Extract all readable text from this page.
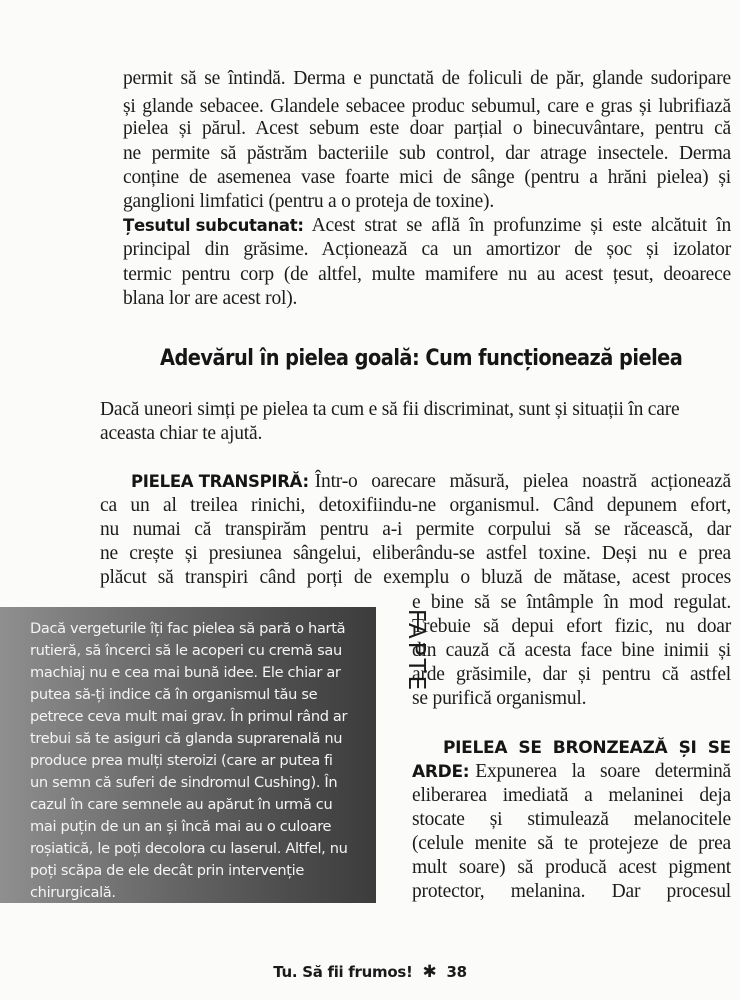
permit să se întindă. Derma e punctată de foliculi de păr, glande sudoripare
și glande sebacee. Glandele sebacee produc sebumul, care e gras și lubrifiază
pielea și părul. Acest sebum este doar parțial o binecuvântare, pentru că
ne permite să păstrăm bacteriile sub control, dar atrage insectele. Derma
conține de asemenea vase foarte mici de sânge (pentru a hrăni pielea) și
ganglioni limfatici (pentru a o proteja de toxine).
Țesutul subcutanat: Acest strat se află în profunzime și este alcătuit în
principal din grăsime. Acționează ca un amortizor de șoc și izolator
termic pentru corp (de altfel, multe mamifere nu au acest țesut, deoarece
blana lor are acest rol).
Adevărul în pielea goală: Cum funcționează pielea
Dacă uneori simți pe pielea ta cum e să fii discriminat, sunt și situații în care
aceasta chiar te ajută.
PIELEA TRANSPIRĂ: Într-o oarecare măsură, pielea noastră acționează
ca un al treilea rinichi, detoxifiindu-ne organismul. Când depunem efort,
nu numai că transpirăm pentru a-i permite corpului să se răcească, dar
ne crește și presiunea sângelui, eliberându-se astfel toxine. Deși nu e prea
plăcut să transpiri când porți de exemplu o bluză de mătase, acest proces
e bine să se întâmple în mod regulat.
Trebuie să depui efort fizic, nu doar
din cauză că acesta face bine inimii și
arde grăsimile, dar și pentru că astfel
se purifică organismul.
PIELEA SE BRONZEAZĂ ȘI SE
ARDE: Expunerea la soare determină
eliberarea imediată a melaninei deja
stocate și stimulează melanocitele
(celule menite să te protejeze de prea
mult soare) să producă acest pigment
protector, melanina. Dar procesul
Dacă vergeturile îți fac pielea să pară o hartă
rutieră, să încerci să le acoperi cu cremă sau
machiaj nu e cea mai bună idee. Ele chiar ar
putea să-ți indice că în organismul tău se
petrece ceva mult mai grav. În primul rând ar
trebui să te asiguri că glanda suprarenală nu
produce prea mulți steroizi (care ar putea fi
un semn că suferi de sindromul Cushing). În
cazul în care semnele au apărut în urmă cu
mai puțin de un an și încă mai au o culoare
roșiatică, le poți decolora cu laserul. Altfel, nu
poți scăpa de ele decât prin intervenție
chirurgicală.
FAPTE
Tu. Să fii frumos! ✱ 38
